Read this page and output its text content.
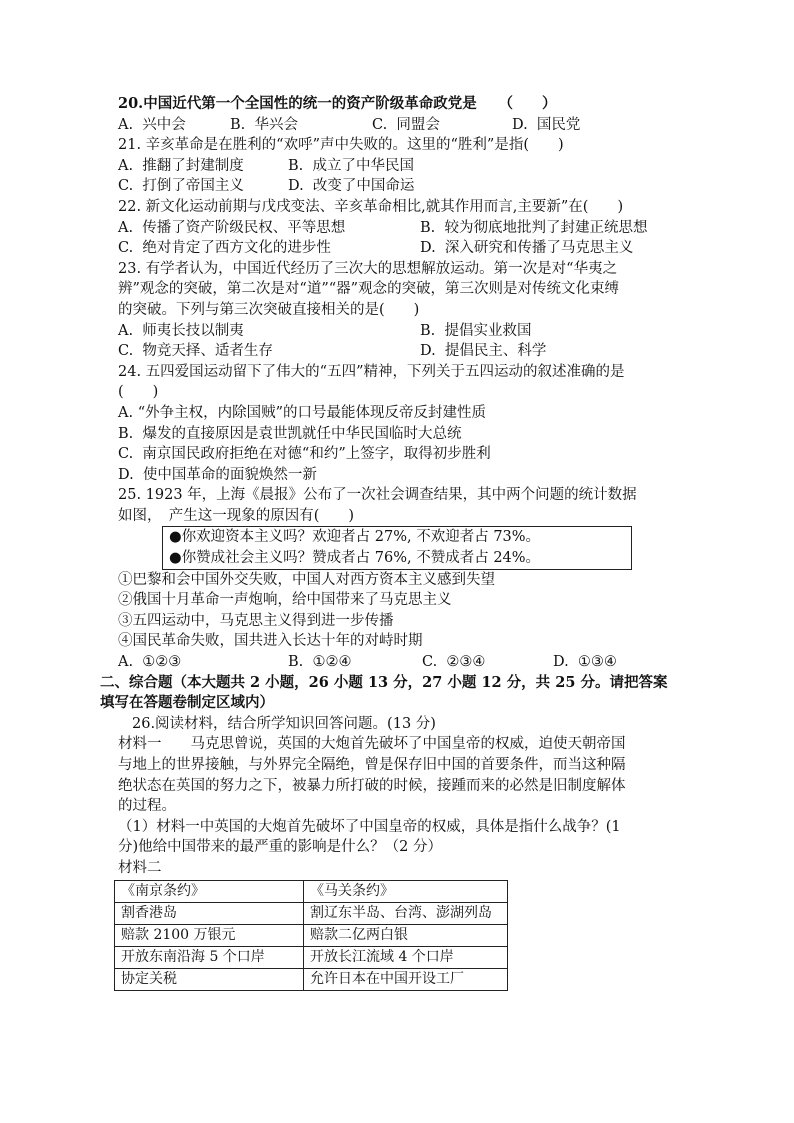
20.中国近代第一个全国性的统一的资产阶级革命政党是　　（　　）
A.  兴中会	B.  华兴会	C.  同盟会	D.  国民党
21. 辛亥革命是在胜利的“欢呼”声中失败的。这里的“胜利”是指(　　)
A.  推翻了封建制度	B.  成立了中华民国
C.  打倒了帝国主义	D.  改变了中国命运
22. 新文化运动前期与戊戌变法、辛亥革命相比,就其作用而言,主要新”在(　　)
A.  传播了资产阶级民权、平等思想	B.  较为彻底地批判了封建正统思想
C.  绝对肯定了西方文化的进步性	D.  深入研究和传播了马克思主义
23. 有学者认为，中国近代经历了三次大的思想解放运动。第一次是对“华夷之
辨”观念的突破，第二次是对“道”“器”观念的突破，第三次则是对传统文化束缚
的突破。下列与第三次突破直接相关的是(　　)
A.  师夷长技以制夷	B.  提倡实业救国
C.  物竞天择、适者生存	D.  提倡民主、科学
24. 五四爱国运动留下了伟大的“五四”精神，下列关于五四运动的叙述准确的是
(　　)
A. “外争主权，内除国贼”的口号最能体现反帝反封建性质
B.  爆发的直接原因是袁世凯就任中华民国临时大总统
C.  南京国民政府拒绝在对德“和约”上签字，取得初步胜利
D.  使中国革命的面貌焕然一新
25. 1923 年，上海《晨报》公布了一次社会调查结果，其中两个问题的统计数据
如图，　产生这一现象的原因有(　　)
●你欢迎资本主义吗？欢迎者占 27%, 不欢迎者占 73%。
●你赞成社会主义吗？赞成者占 76%, 不赞成者占 24%。
①巴黎和会中国外交失败，中国人对西方资本主义感到失望
②俄国十月革命一声炮响，给中国带来了马克思主义
③五四运动中，马克思主义得到进一步传播
④国民革命失败，国共进入长达十年的对峙时期
A.  ①②③	B.  ①②④	C.  ②③④	D.  ①③④
二、综合题（本大题共 2 小题，26 小题 13 分，27 小题 12 分，共 25 分。请把答案
填写在答题卷制定区域内）
26.阅读材料，结合所学知识回答问题。(13 分)
材料一　　马克思曾说，英国的大炮首先破坏了中国皇帝的权威，迫使天朝帝国
与地上的世界接触，与外界完全隔绝，曾是保存旧中国的首要条件，而当这种隔
绝状态在英国的努力之下，被暴力所打破的时候，接踵而来的必然是旧制度解体
的过程。
（1）材料一中英国的大炮首先破坏了中国皇帝的权威，具体是指什么战争？(1
分)他给中国带来的最严重的影响是什么？（2 分）
材料二
《南京条约》	《马关条约》
割香港岛	割辽东半岛、台湾、澎湖列岛
赔款 2100 万银元	赔款二亿两白银
开放东南沿海 5 个口岸	开放长江流域 4 个口岸
协定关税	允许日本在中国开设工厂
